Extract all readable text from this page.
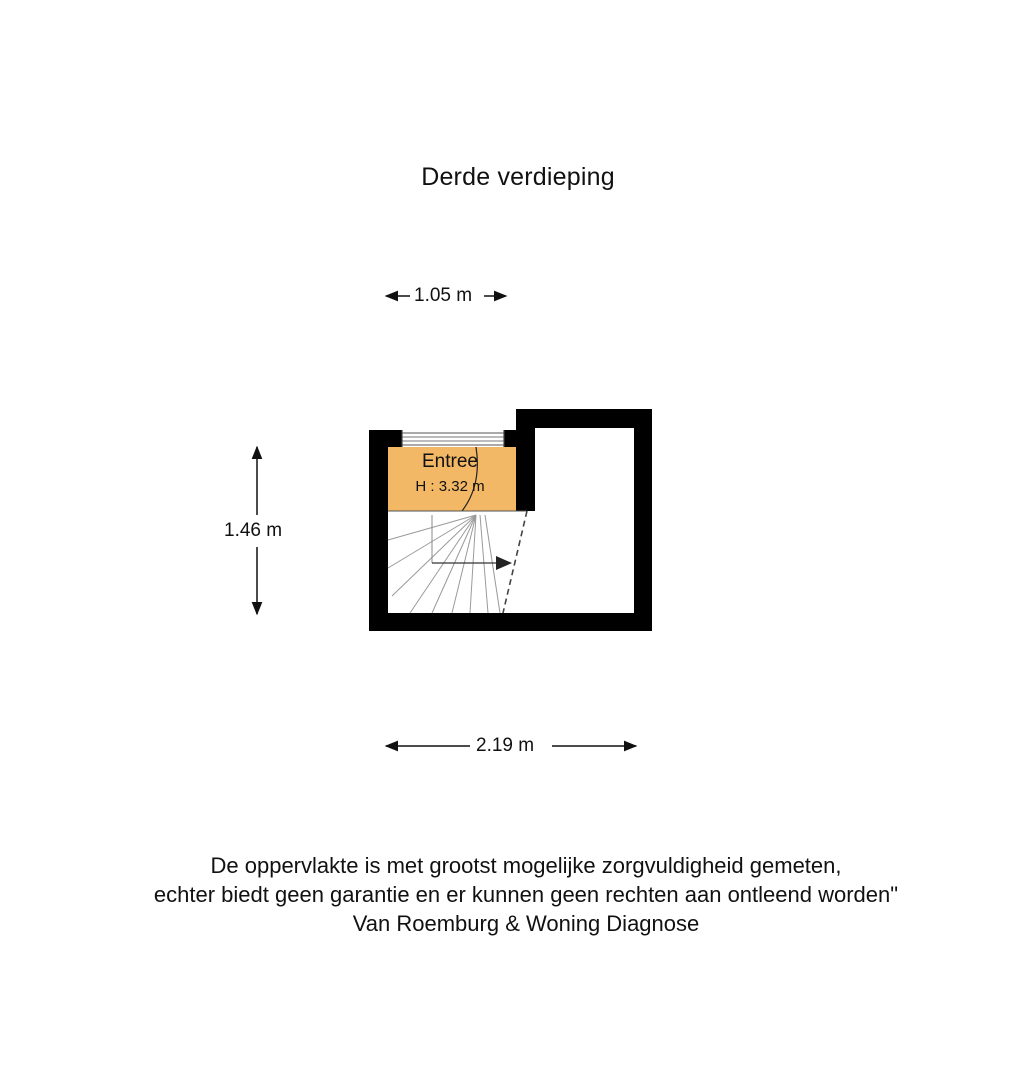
Derde verdieping
1.05 m
1.46 m
2.19 m
Entree
H : 3.32 m
De oppervlakte is met grootst mogelijke zorgvuldigheid gemeten,
echter biedt geen garantie en er kunnen geen rechten aan ontleend worden"
Van Roemburg & Woning Diagnose
